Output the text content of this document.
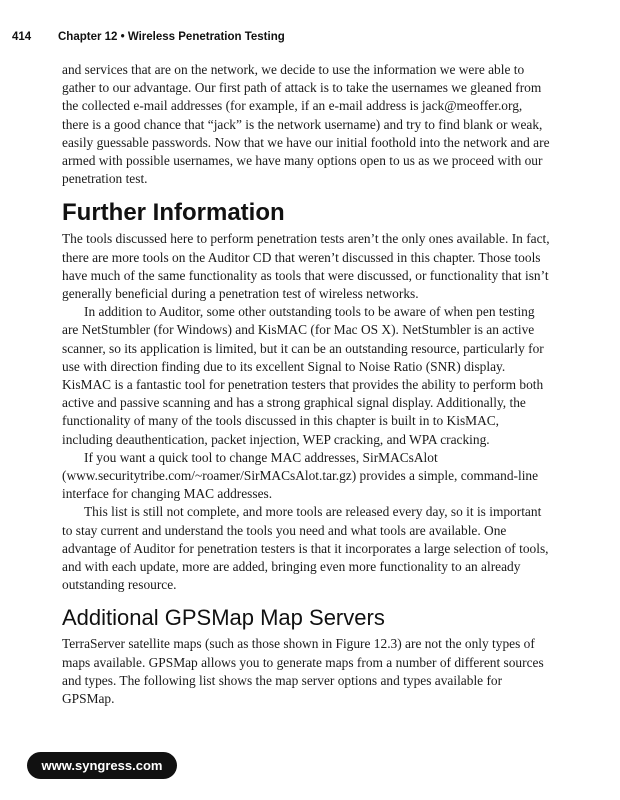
414 Chapter 12 • Wireless Penetration Testing

and services that are on the network, we decide to use the information we were able to gather to our advantage. Our first path of attack is to take the usernames we gleaned from the collected e-mail addresses (for example, if an e-mail address is jack@meoffer.org, there is a good chance that “jack” is the network username) and try to find blank or weak, easily guessable passwords. Now that we have our initial foothold into the network and are armed with possible usernames, we have many options open to us as we proceed with our penetration test.

Further Information

The tools discussed here to perform penetration tests aren’t the only ones available. In fact, there are more tools on the Auditor CD that weren’t discussed in this chapter. Those tools have much of the same functionality as tools that were discussed, or functionality that isn’t generally beneficial during a penetration test of wireless networks.

In addition to Auditor, some other outstanding tools to be aware of when pen testing are NetStumbler (for Windows) and KisMAC (for Mac OS X). NetStumbler is an active scanner, so its application is limited, but it can be an outstanding resource, particularly for use with direction finding due to its excellent Signal to Noise Ratio (SNR) display. KisMAC is a fantastic tool for penetration testers that provides the ability to perform both active and passive scanning and has a strong graphical signal display. Additionally, the functionality of many of the tools discussed in this chapter is built in to KisMAC, including deauthentication, packet injection, WEP cracking, and WPA cracking.

If you want a quick tool to change MAC addresses, SirMACsAlot (www.securitytribe.com/~roamer/SirMACsAlot.tar.gz) provides a simple, command-line interface for changing MAC addresses.

This list is still not complete, and more tools are released every day, so it is important to stay current and understand the tools you need and what tools are available. One advantage of Auditor for penetration testers is that it incorporates a large selection of tools, and with each update, more are added, bringing even more functionality to an already outstanding resource.

Additional GPSMap Map Servers

TerraServer satellite maps (such as those shown in Figure 12.3) are not the only types of maps available. GPSMap allows you to generate maps from a number of different sources and types. The following list shows the map server options and types available for GPSMap.

www.syngress.com
